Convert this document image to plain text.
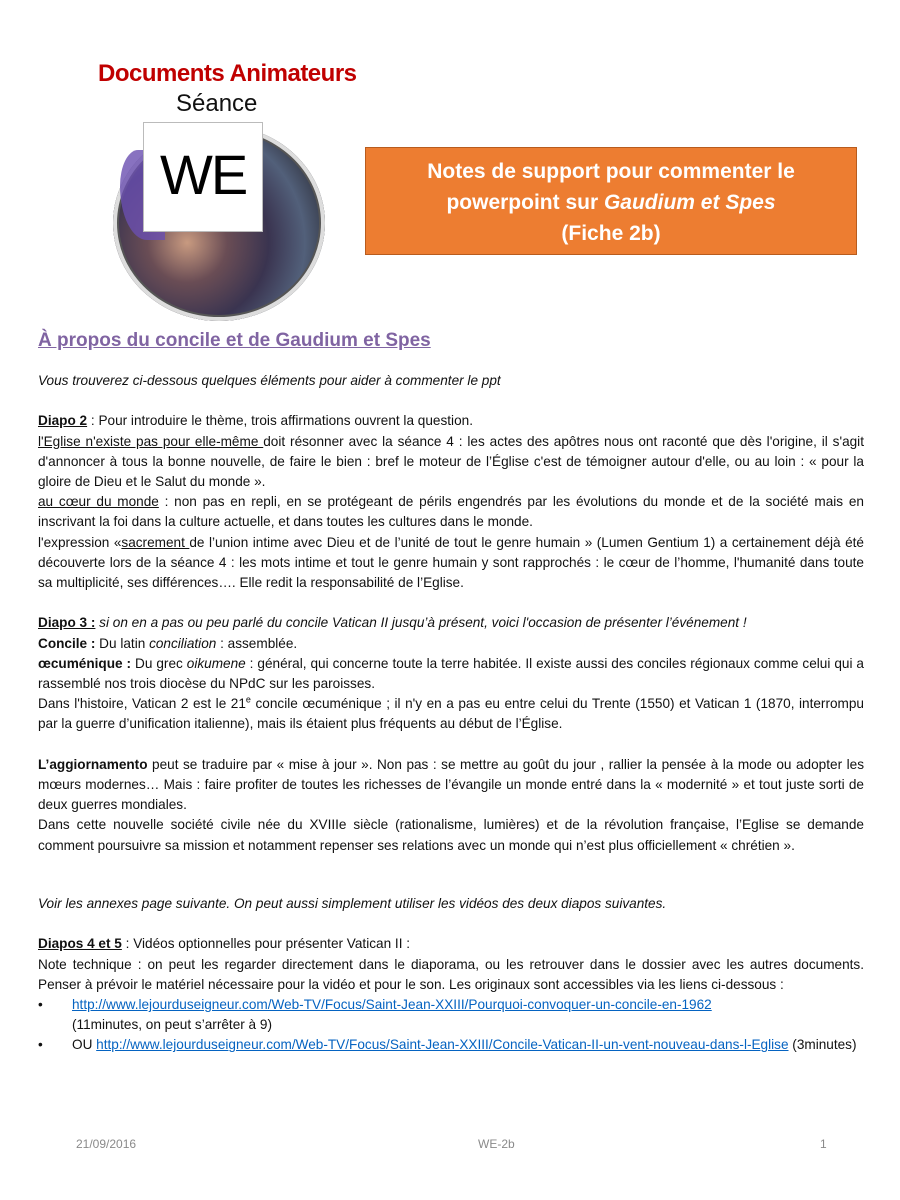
Documents Animateurs
Séance
WE	Notes de support pour commenter le
powerpoint sur Gaudium et Spes
(Fiche 2b)
À propos du concile et de Gaudium et Spes

Vous trouverez ci-dessous quelques éléments pour aider à commenter le ppt

Diapo 2 : Pour introduire le thème, trois affirmations ouvrent la question.

l'Eglise n'existe pas pour elle-même doit résonner avec la séance 4 : les actes des apôtres nous ont raconté que dès l'origine, il s'agit d'annoncer à tous la bonne nouvelle, de faire le bien : bref le moteur de l’Église c'est de témoigner autour d'elle, ou au loin : « pour la gloire de Dieu et le Salut du monde ».

au cœur du monde : non pas en repli, en se protégeant de périls engendrés par les évolutions du monde et de la société mais en inscrivant la foi dans la culture actuelle, et dans toutes les cultures dans le monde.

l'expression «sacrement de l’union intime avec Dieu et de l’unité de tout le genre humain » (Lumen Gentium 1) a certainement déjà été découverte lors de la séance 4 : les mots intime et tout le genre humain y sont rapprochés : le cœur de l’homme, l'humanité dans toute sa multiplicité, ses différences…. Elle redit la responsabilité de l’Eglise.

Diapo 3 : si on en a pas ou peu parlé du concile Vatican II jusqu’à présent, voici l'occasion de présenter l’événement !

Concile : Du latin conciliation : assemblée.

œcuménique : Du grec oikumene : général, qui concerne toute la terre habitée. Il existe aussi des conciles régionaux comme celui qui a rassemblé nos trois diocèse du NPdC sur les paroisses.

Dans l'histoire, Vatican 2 est le 21e concile œcuménique ; il n'y en a pas eu entre celui du Trente (1550) et Vatican 1 (1870, interrompu par la guerre d’unification italienne), mais ils étaient plus fréquents au début de l’Église.

L’aggiornamento peut se traduire par « mise à jour ». Non pas : se mettre au goût du jour , rallier la pensée à la mode ou adopter les mœurs modernes… Mais : faire profiter de toutes les richesses de l’évangile un monde entré dans la « modernité » et tout juste sorti de deux guerres mondiales.

Dans cette nouvelle société civile née du XVIIIe siècle (rationalisme, lumières) et de la révolution française, l’Eglise se demande comment poursuivre sa mission et notamment repenser ses relations avec un monde qui n’est plus officiellement « chrétien ».

Voir les annexes page suivante. On peut aussi simplement utiliser les vidéos des deux diapos suivantes.

Diapos 4 et 5 : Vidéos optionnelles pour présenter Vatican II :

Note technique : on peut les regarder directement dans le diaporama, ou les retrouver dans le dossier avec les autres documents. Penser à prévoir le matériel nécessaire pour la vidéo et pour le son. Les originaux sont accessibles via les liens ci-dessous :

• http://www.lejourduseigneur.com/Web-TV/Focus/Saint-Jean-XXIII/Pourquoi-convoquer-un-concile-en-1962
(11minutes, on peut s’arrêter à 9)
• OU http://www.lejourduseigneur.com/Web-TV/Focus/Saint-Jean-XXIII/Concile-Vatican-II-un-vent-nouveau-dans-l-Eglise (3minutes)
21/09/2016	WE-2b	1
